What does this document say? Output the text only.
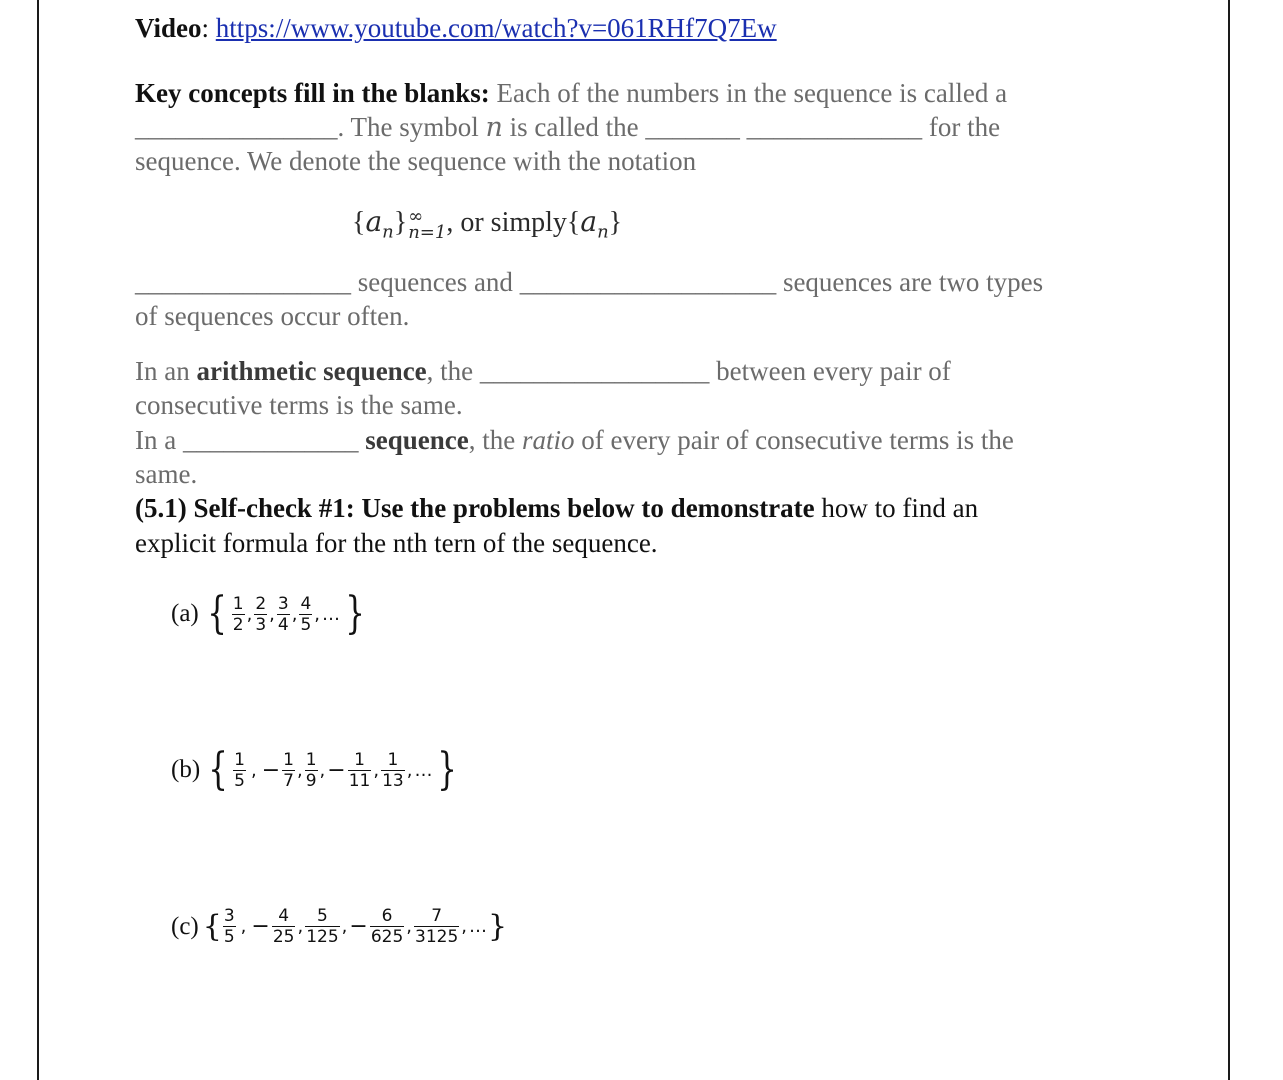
Video: https://www.youtube.com/watch?v=061RHf7Q7Ew
Key concepts fill in the blanks: Each of the numbers in the sequence is called a
_______________. The symbol n is called the _______ _____________ for the
sequence. We denote the sequence with the notation
________________ sequences and ___________________ sequences are two types
of sequences occur often.
In an arithmetic sequence, the _________________ between every pair of
consecutive terms is the same.
In a _____________ sequence, the ratio of every pair of consecutive terms is the
same.
(5.1) Self-check #1: Use the problems below to demonstrate how to find an
explicit formula for the nth tern of the sequence.
$\{a_n\}$ ∞
n=1 , or $simply\{a_n\}$
(a) { $\frac{1}{2}$ , $\frac{2}{3}$ , $\frac{3}{4}$ , $\frac{4}{5}$ , … }
(b) { $\frac{1}{5}$ , − $\frac{1}{7}$ , $\frac{1}{9}$ , − $\frac{1}{11}$ , $\frac{1}{13}$ , … }
(c) { $\frac{3}{5}$ , − $\frac{4}{25}$ , $\frac{5}{125}$ , − $\frac{6}{625}$ , $\frac{7}{3125}$ , … }
